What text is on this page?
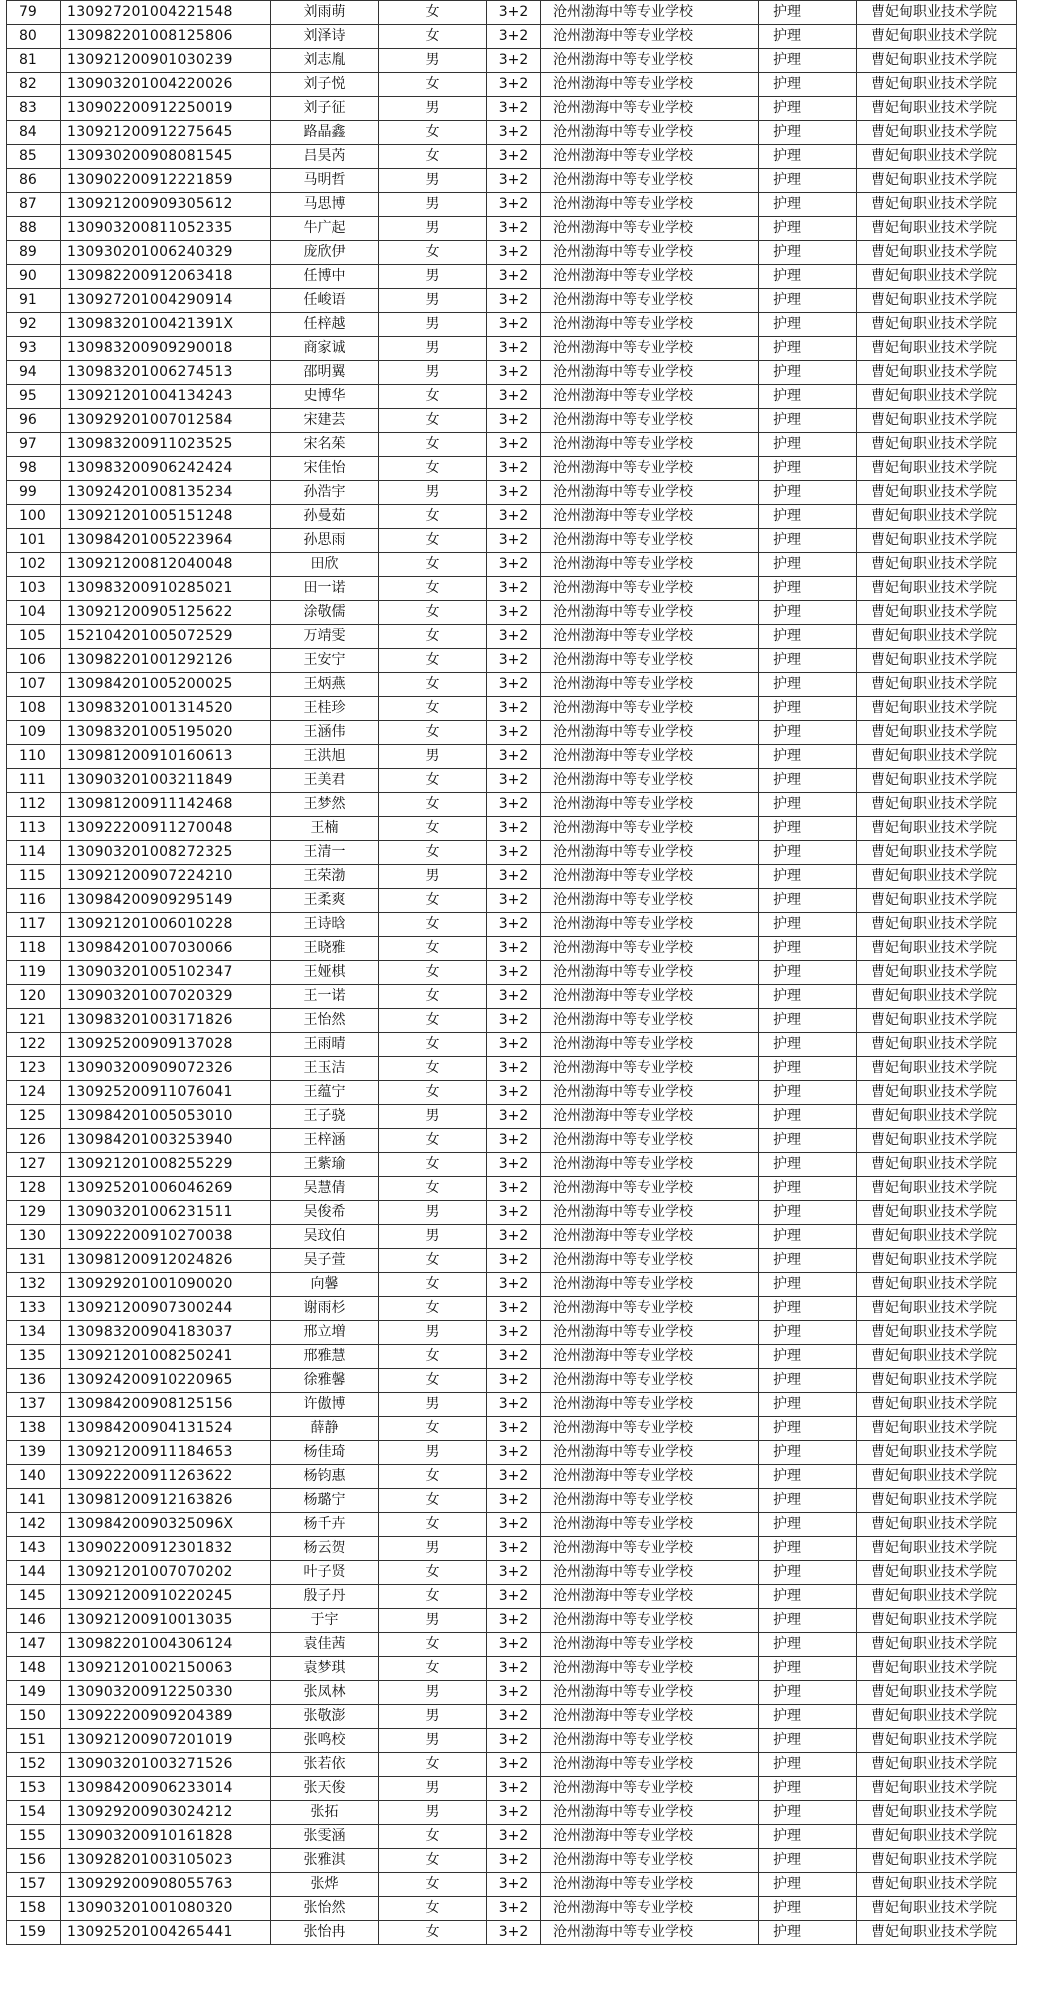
79	130927201004221548	刘雨萌	女	3+2	沧州渤海中等专业学校	护理	曹妃甸职业技术学院
80	130982201008125806	刘泽诗	女	3+2	沧州渤海中等专业学校	护理	曹妃甸职业技术学院
81	130921200901030239	刘志胤	男	3+2	沧州渤海中等专业学校	护理	曹妃甸职业技术学院
82	130903201004220026	刘子悦	女	3+2	沧州渤海中等专业学校	护理	曹妃甸职业技术学院
83	130902200912250019	刘子征	男	3+2	沧州渤海中等专业学校	护理	曹妃甸职业技术学院
84	130921200912275645	路晶鑫	女	3+2	沧州渤海中等专业学校	护理	曹妃甸职业技术学院
85	130930200908081545	吕昊芮	女	3+2	沧州渤海中等专业学校	护理	曹妃甸职业技术学院
86	130902200912221859	马明哲	男	3+2	沧州渤海中等专业学校	护理	曹妃甸职业技术学院
87	130921200909305612	马思博	男	3+2	沧州渤海中等专业学校	护理	曹妃甸职业技术学院
88	130903200811052335	牛广起	男	3+2	沧州渤海中等专业学校	护理	曹妃甸职业技术学院
89	130930201006240329	庞欣伊	女	3+2	沧州渤海中等专业学校	护理	曹妃甸职业技术学院
90	130982200912063418	任博中	男	3+2	沧州渤海中等专业学校	护理	曹妃甸职业技术学院
91	130927201004290914	任峻语	男	3+2	沧州渤海中等专业学校	护理	曹妃甸职业技术学院
92	13098320100421391X	任梓越	男	3+2	沧州渤海中等专业学校	护理	曹妃甸职业技术学院
93	130983200909290018	商家诚	男	3+2	沧州渤海中等专业学校	护理	曹妃甸职业技术学院
94	130983201006274513	邵明翼	男	3+2	沧州渤海中等专业学校	护理	曹妃甸职业技术学院
95	130921201004134243	史博华	女	3+2	沧州渤海中等专业学校	护理	曹妃甸职业技术学院
96	130929201007012584	宋建芸	女	3+2	沧州渤海中等专业学校	护理	曹妃甸职业技术学院
97	130983200911023525	宋名茱	女	3+2	沧州渤海中等专业学校	护理	曹妃甸职业技术学院
98	130983200906242424	宋佳怡	女	3+2	沧州渤海中等专业学校	护理	曹妃甸职业技术学院
99	130924201008135234	孙浩宇	男	3+2	沧州渤海中等专业学校	护理	曹妃甸职业技术学院
100	130921201005151248	孙曼茹	女	3+2	沧州渤海中等专业学校	护理	曹妃甸职业技术学院
101	130984201005223964	孙思雨	女	3+2	沧州渤海中等专业学校	护理	曹妃甸职业技术学院
102	130921200812040048	田欣	女	3+2	沧州渤海中等专业学校	护理	曹妃甸职业技术学院
103	130983200910285021	田一诺	女	3+2	沧州渤海中等专业学校	护理	曹妃甸职业技术学院
104	130921200905125622	涂敬儒	女	3+2	沧州渤海中等专业学校	护理	曹妃甸职业技术学院
105	152104201005072529	万靖雯	女	3+2	沧州渤海中等专业学校	护理	曹妃甸职业技术学院
106	130982201001292126	王安宁	女	3+2	沧州渤海中等专业学校	护理	曹妃甸职业技术学院
107	130984201005200025	王炳燕	女	3+2	沧州渤海中等专业学校	护理	曹妃甸职业技术学院
108	130983201001314520	王桂珍	女	3+2	沧州渤海中等专业学校	护理	曹妃甸职业技术学院
109	130983201005195020	王涵伟	女	3+2	沧州渤海中等专业学校	护理	曹妃甸职业技术学院
110	130981200910160613	王洪旭	男	3+2	沧州渤海中等专业学校	护理	曹妃甸职业技术学院
111	130903201003211849	王美君	女	3+2	沧州渤海中等专业学校	护理	曹妃甸职业技术学院
112	130981200911142468	王梦然	女	3+2	沧州渤海中等专业学校	护理	曹妃甸职业技术学院
113	130922200911270048	王楠	女	3+2	沧州渤海中等专业学校	护理	曹妃甸职业技术学院
114	130903201008272325	王清一	女	3+2	沧州渤海中等专业学校	护理	曹妃甸职业技术学院
115	130921200907224210	王荣渤	男	3+2	沧州渤海中等专业学校	护理	曹妃甸职业技术学院
116	130984200909295149	王柔爽	女	3+2	沧州渤海中等专业学校	护理	曹妃甸职业技术学院
117	130921201006010228	王诗晗	女	3+2	沧州渤海中等专业学校	护理	曹妃甸职业技术学院
118	130984201007030066	王晓雅	女	3+2	沧州渤海中等专业学校	护理	曹妃甸职业技术学院
119	130903201005102347	王娅棋	女	3+2	沧州渤海中等专业学校	护理	曹妃甸职业技术学院
120	130903201007020329	王一诺	女	3+2	沧州渤海中等专业学校	护理	曹妃甸职业技术学院
121	130983201003171826	王怡然	女	3+2	沧州渤海中等专业学校	护理	曹妃甸职业技术学院
122	130925200909137028	王雨晴	女	3+2	沧州渤海中等专业学校	护理	曹妃甸职业技术学院
123	130903200909072326	王玉洁	女	3+2	沧州渤海中等专业学校	护理	曹妃甸职业技术学院
124	130925200911076041	王蕴宁	女	3+2	沧州渤海中等专业学校	护理	曹妃甸职业技术学院
125	130984201005053010	王子骁	男	3+2	沧州渤海中等专业学校	护理	曹妃甸职业技术学院
126	130984201003253940	王梓涵	女	3+2	沧州渤海中等专业学校	护理	曹妃甸职业技术学院
127	130921201008255229	王紫瑜	女	3+2	沧州渤海中等专业学校	护理	曹妃甸职业技术学院
128	130925201006046269	吴慧倩	女	3+2	沧州渤海中等专业学校	护理	曹妃甸职业技术学院
129	130903201006231511	吴俊希	男	3+2	沧州渤海中等专业学校	护理	曹妃甸职业技术学院
130	130922200910270038	吴玟伯	男	3+2	沧州渤海中等专业学校	护理	曹妃甸职业技术学院
131	130981200912024826	吴子萱	女	3+2	沧州渤海中等专业学校	护理	曹妃甸职业技术学院
132	130929201001090020	向馨	女	3+2	沧州渤海中等专业学校	护理	曹妃甸职业技术学院
133	130921200907300244	谢雨杉	女	3+2	沧州渤海中等专业学校	护理	曹妃甸职业技术学院
134	130983200904183037	邢立増	男	3+2	沧州渤海中等专业学校	护理	曹妃甸职业技术学院
135	130921201008250241	邢雅慧	女	3+2	沧州渤海中等专业学校	护理	曹妃甸职业技术学院
136	130924200910220965	徐雅馨	女	3+2	沧州渤海中等专业学校	护理	曹妃甸职业技术学院
137	130984200908125156	许傲博	男	3+2	沧州渤海中等专业学校	护理	曹妃甸职业技术学院
138	130984200904131524	薛静	女	3+2	沧州渤海中等专业学校	护理	曹妃甸职业技术学院
139	130921200911184653	杨佳琦	男	3+2	沧州渤海中等专业学校	护理	曹妃甸职业技术学院
140	130922200911263622	杨钧惠	女	3+2	沧州渤海中等专业学校	护理	曹妃甸职业技术学院
141	130981200912163826	杨璐宁	女	3+2	沧州渤海中等专业学校	护理	曹妃甸职业技术学院
142	13098420090325096X	杨千卉	女	3+2	沧州渤海中等专业学校	护理	曹妃甸职业技术学院
143	130902200912301832	杨云贺	男	3+2	沧州渤海中等专业学校	护理	曹妃甸职业技术学院
144	130921201007070202	叶子贤	女	3+2	沧州渤海中等专业学校	护理	曹妃甸职业技术学院
145	130921200910220245	殷子丹	女	3+2	沧州渤海中等专业学校	护理	曹妃甸职业技术学院
146	130921200910013035	于宇	男	3+2	沧州渤海中等专业学校	护理	曹妃甸职业技术学院
147	130982201004306124	袁佳茜	女	3+2	沧州渤海中等专业学校	护理	曹妃甸职业技术学院
148	130921201002150063	袁梦琪	女	3+2	沧州渤海中等专业学校	护理	曹妃甸职业技术学院
149	130903200912250330	张凤林	男	3+2	沧州渤海中等专业学校	护理	曹妃甸职业技术学院
150	130922200909204389	张敬澎	男	3+2	沧州渤海中等专业学校	护理	曹妃甸职业技术学院
151	130921200907201019	张鸣校	男	3+2	沧州渤海中等专业学校	护理	曹妃甸职业技术学院
152	130903201003271526	张若依	女	3+2	沧州渤海中等专业学校	护理	曹妃甸职业技术学院
153	130984200906233014	张天俊	男	3+2	沧州渤海中等专业学校	护理	曹妃甸职业技术学院
154	130929200903024212	张拓	男	3+2	沧州渤海中等专业学校	护理	曹妃甸职业技术学院
155	130903200910161828	张雯涵	女	3+2	沧州渤海中等专业学校	护理	曹妃甸职业技术学院
156	130928201003105023	张雅淇	女	3+2	沧州渤海中等专业学校	护理	曹妃甸职业技术学院
157	130929200908055763	张烨	女	3+2	沧州渤海中等专业学校	护理	曹妃甸职业技术学院
158	130903201001080320	张怡然	女	3+2	沧州渤海中等专业学校	护理	曹妃甸职业技术学院
159	130925201004265441	张怡冉	女	3+2	沧州渤海中等专业学校	护理	曹妃甸职业技术学院
